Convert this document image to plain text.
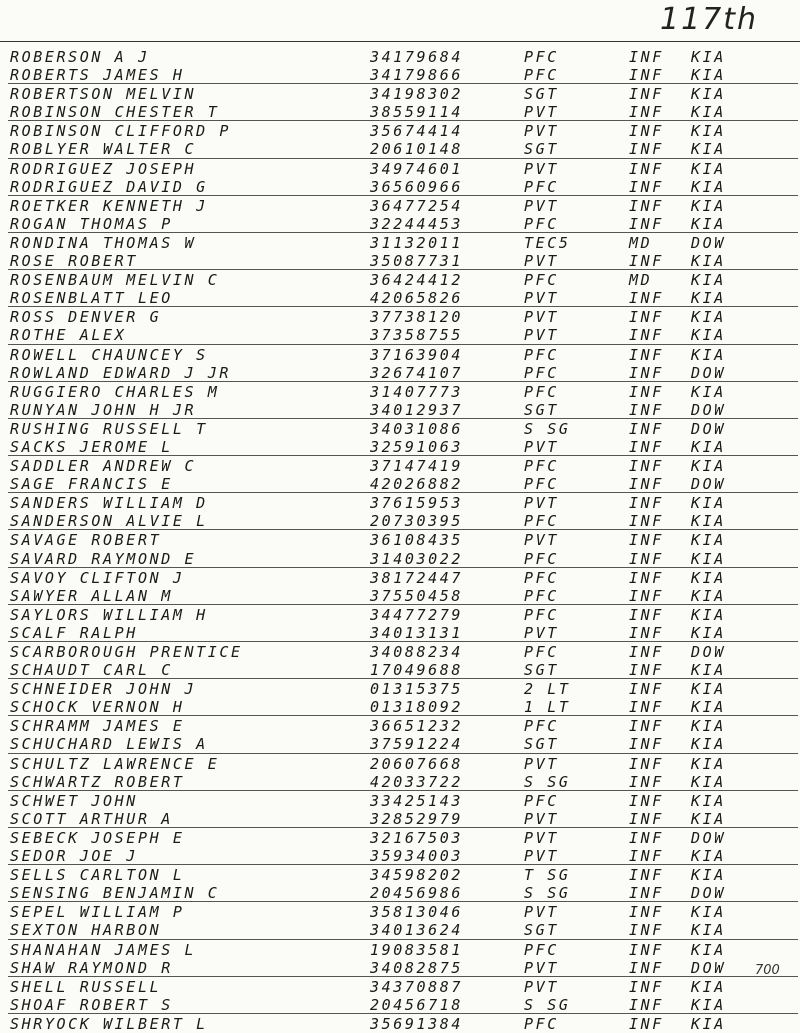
117th
ROBERSON A J	34179684	PFC	INF KIA
ROBERTS JAMES H	34179866	PFC	INF KIA
ROBERTSON MELVIN	34198302	SGT	INF KIA
ROBINSON CHESTER T	38559114	PVT	INF KIA
ROBINSON CLIFFORD P	35674414	PVT	INF KIA
ROBLYER WALTER C	20610148	SGT	INF KIA
RODRIGUEZ JOSEPH	34974601	PVT	INF KIA
RODRIGUEZ DAVID G	36560966	PFC	INF KIA
ROETKER KENNETH J	36477254	PVT	INF KIA
ROGAN THOMAS P	32244453	PFC	INF KIA
RONDINA THOMAS W	31132011	TEC5	MD	DOW
ROSE ROBERT	35087731	PVT	INF KIA
ROSENBAUM MELVIN C	36424412	PFC	MD	KIA
ROSENBLATT LEO	42065826	PVT	INF KIA
ROSS DENVER G	37738120	PVT	INF KIA
ROTHE ALEX	37358755	PVT	INF KIA
ROWELL CHAUNCEY S	37163904	PFC	INF KIA
ROWLAND EDWARD J JR	32674107	PFC	INF DOW
RUGGIERO CHARLES M	31407773	PFC	INF KIA
RUNYAN JOHN H JR	34012937	SGT	INF DOW
RUSHING RUSSELL T	34031086	S SG	INF DOW
SACKS JEROME L	32591063	PVT	INF KIA
SADDLER ANDREW C	37147419	PFC	INF KIA
SAGE FRANCIS E	42026882	PFC	INF DOW
SANDERS WILLIAM D	37615953	PVT	INF KIA
SANDERSON ALVIE L	20730395	PFC	INF KIA
SAVAGE ROBERT	36108435	PVT	INF KIA
SAVARD RAYMOND E	31403022	PFC	INF KIA
SAVOY CLIFTON J	38172447	PFC	INF KIA
SAWYER ALLAN M	37550458	PFC	INF KIA
SAYLORS WILLIAM H	34477279	PFC	INF KIA
SCALF RALPH	34013131	PVT	INF KIA
SCARBOROUGH PRENTICE	34088234	PFC	INF DOW
SCHAUDT CARL C	17049688	SGT	INF KIA
SCHNEIDER JOHN J	01315375	2 LT	INF KIA
SCHOCK VERNON H	01318092	1 LT	INF KIA
SCHRAMM JAMES E	36651232	PFC	INF KIA
SCHUCHARD LEWIS A	37591224	SGT	INF KIA
SCHULTZ LAWRENCE E	20607668	PVT	INF KIA
SCHWARTZ ROBERT	42033722	S SG	INF KIA
SCHWET JOHN	33425143	PFC	INF KIA
SCOTT ARTHUR A	32852979	PVT	INF KIA
SEBECK JOSEPH E	32167503	PVT	INF DOW
SEDOR JOE J	35934003	PVT	INF KIA
SELLS CARLTON L	34598202	T SG	INF KIA
SENSING BENJAMIN C	20456986	S SG	INF DOW
SEPEL WILLIAM P	35813046	PVT	INF KIA
SEXTON HARBON	34013624	SGT	INF KIA
SHANAHAN JAMES L	19083581	PFC	INF KIA
SHAW RAYMOND R	34082875	PVT	INF DOW
SHELL RUSSELL	34370887	PVT	INF KIA
SHOAF ROBERT S	20456718	S SG	INF KIA
SHRYOCK WILBERT L	35691384	PFC	INF KIA
700
